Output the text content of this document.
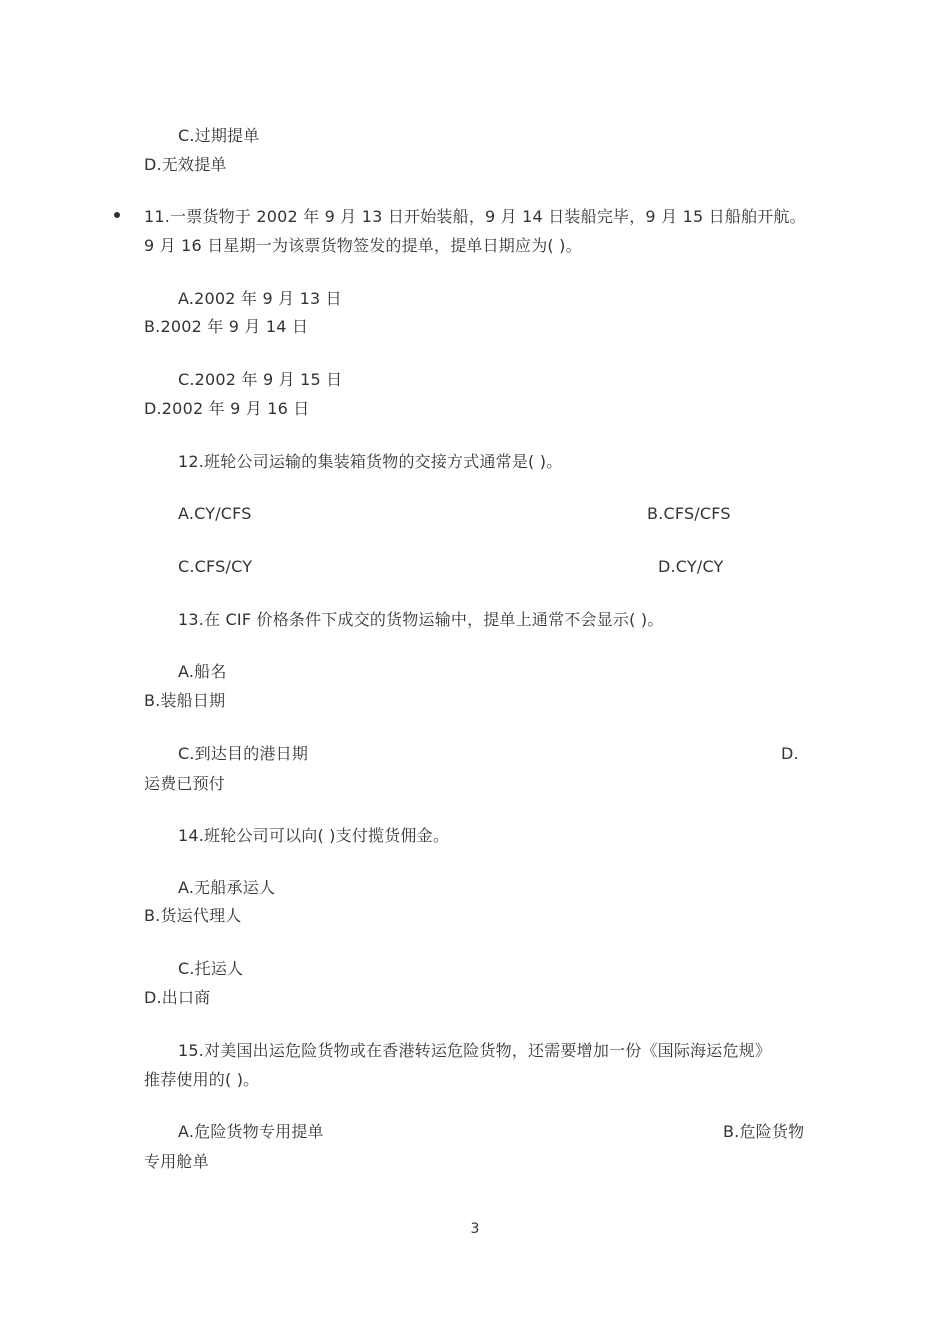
C.过期提单
D.无效提单
11.一票货物于 2002 年 9 月 13 日开始装船，9 月 14 日装船完毕，9 月 15 日船舶开航。
9 月 16 日星期一为该票货物签发的提单，提单日期应为( )。
A.2002 年 9 月 13 日
B.2002 年 9 月 14 日
C.2002 年 9 月 15 日
D.2002 年 9 月 16 日
12.班轮公司运输的集装箱货物的交接方式通常是( )。
A.CY/CFS	B.CFS/CFS
C.CFS/CY	D.CY/CY
13.在 CIF 价格条件下成交的货物运输中，提单上通常不会显示( )。
A.船名
B.装船日期
C.到达目的港日期	D.
运费已预付
14.班轮公司可以向( )支付揽货佣金。
A.无船承运人
B.货运代理人
C.托运人
D.出口商
15.对美国出运危险货物或在香港转运危险货物，还需要增加一份《国际海运危规》
推荐使用的( )。
A.危险货物专用提单	B.危险货物
专用舱单
3
